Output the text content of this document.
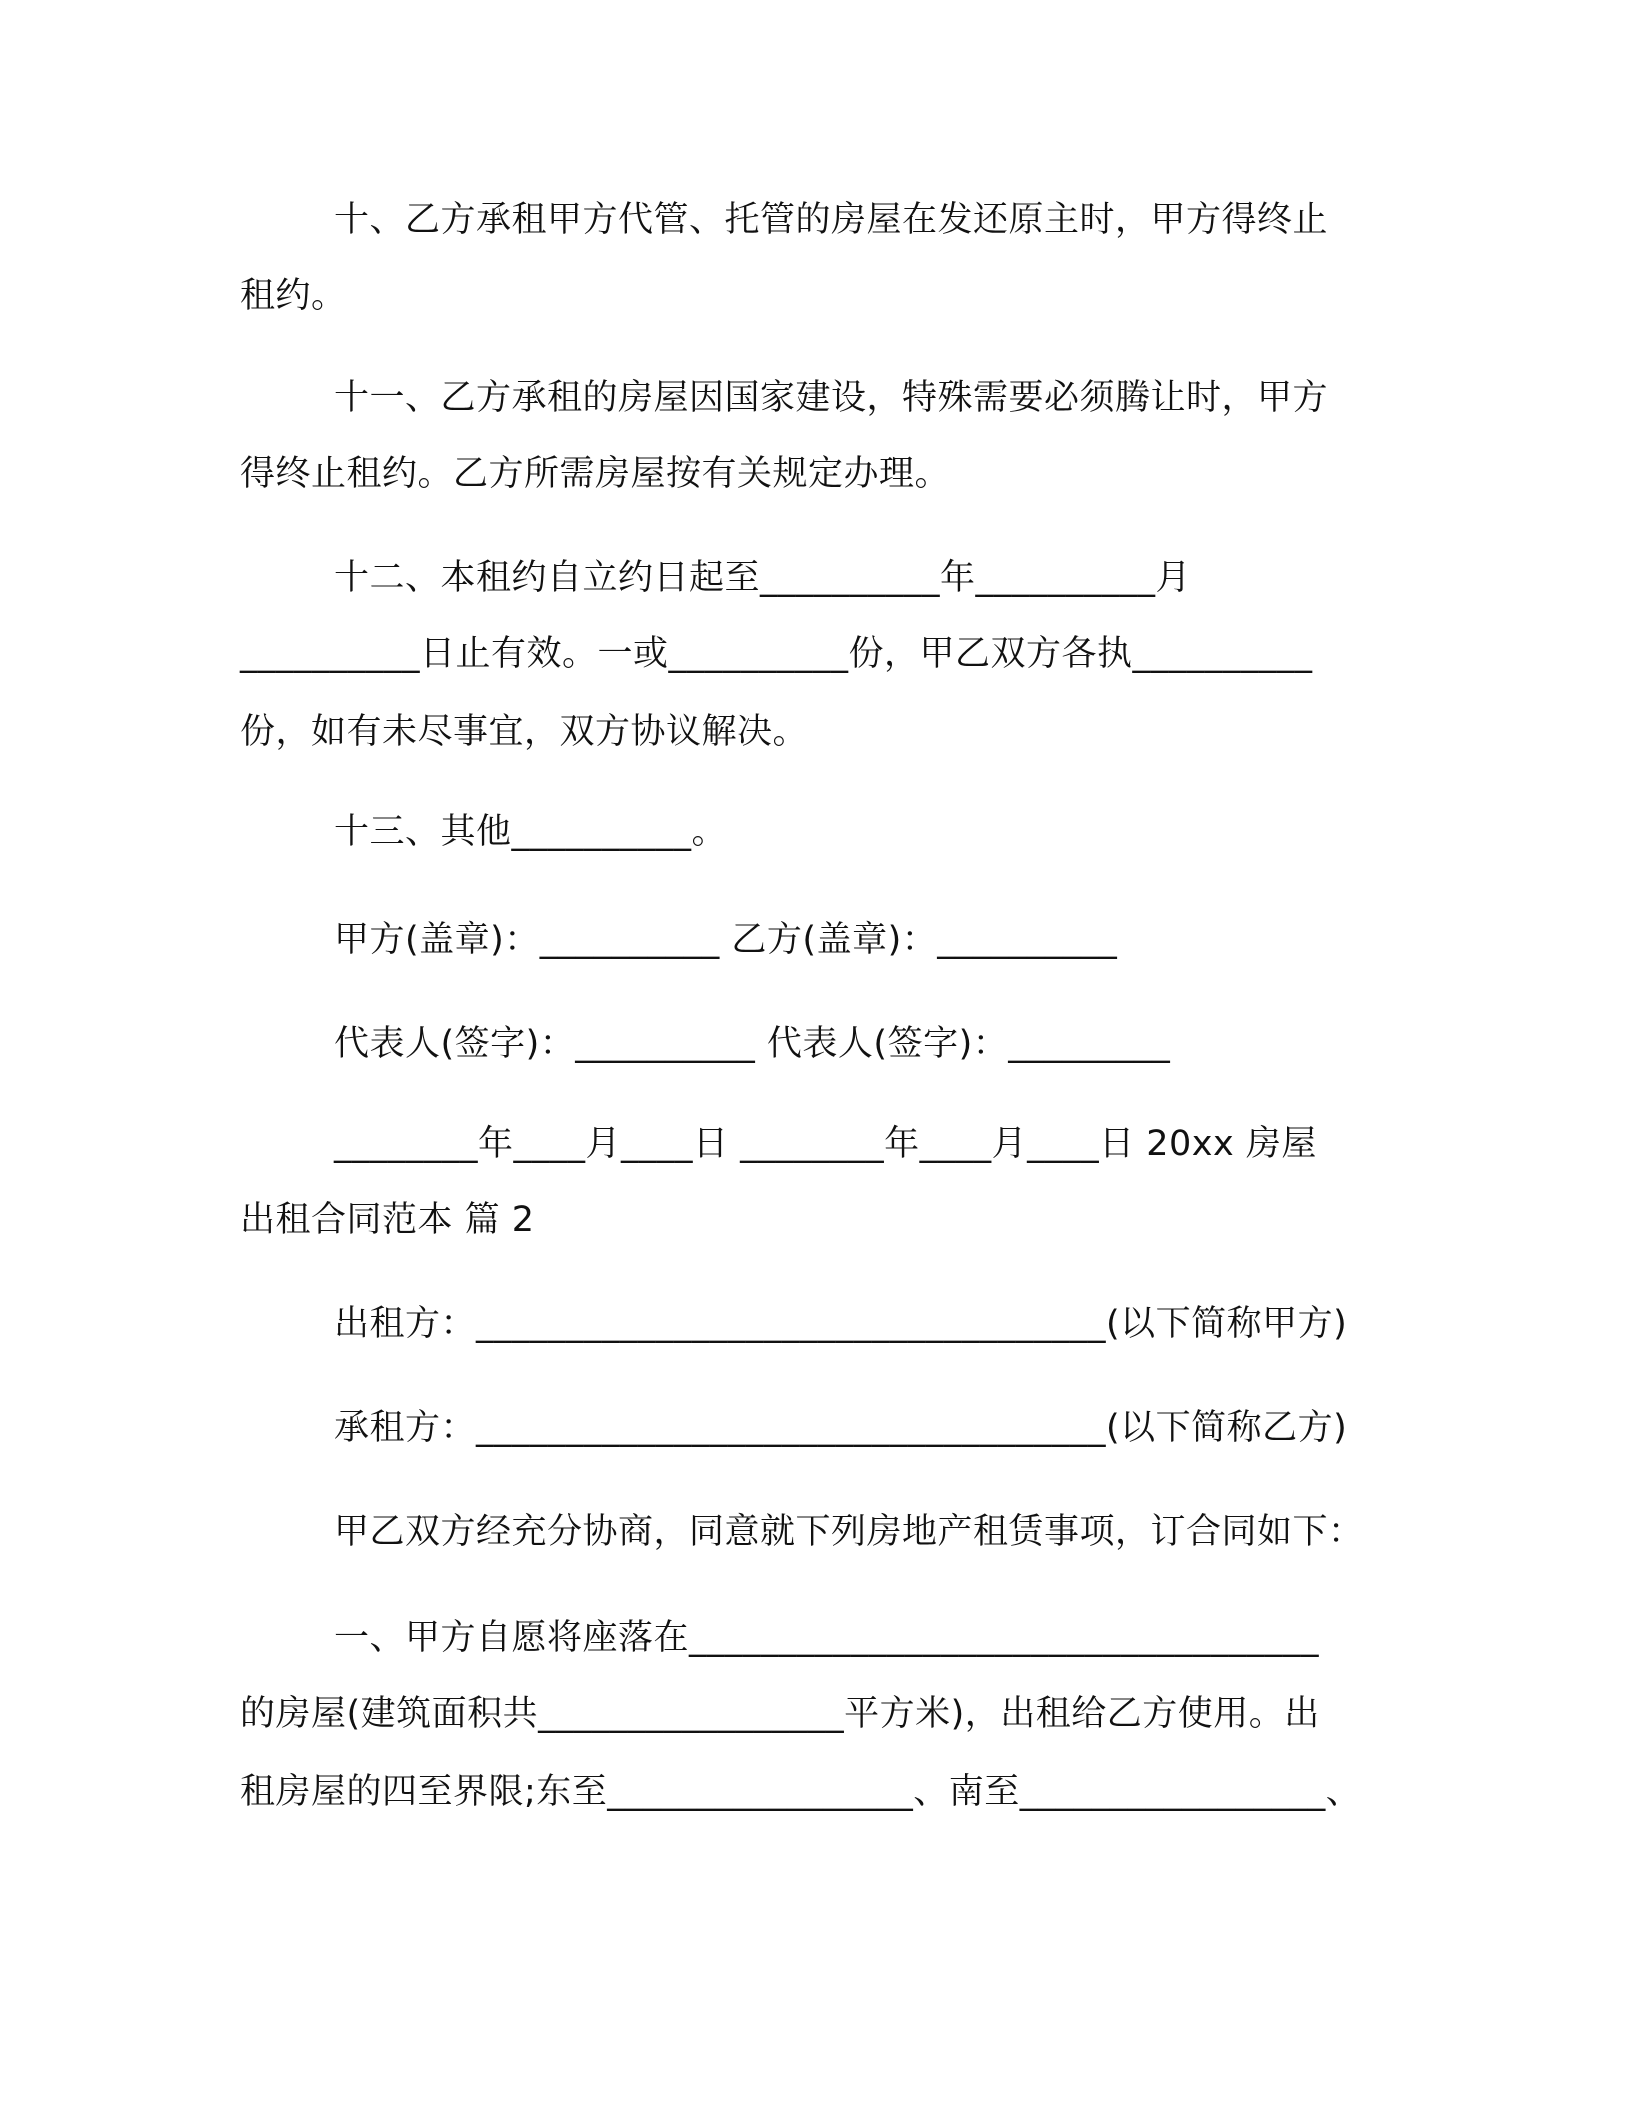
十、乙方承租甲方代管、托管的房屋在发还原主时，甲方得终止
租约。
十一、乙方承租的房屋因国家建设，特殊需要必须腾让时，甲方
得终止租约。乙方所需房屋按有关规定办理。
十二、本租约自立约日起至__________年__________月
__________日止有效。一或__________份，甲乙双方各执__________
份，如有未尽事宜，双方协议解决。
十三、其他__________。
甲方(盖章)：__________ 乙方(盖章)：__________
代表人(签字)：__________ 代表人(签字)：_________
________年____月____日 ________年____月____日 20xx 房屋
出租合同范本 篇 2
出租方：___________________________________(以下简称甲方)
承租方：___________________________________(以下简称乙方)
甲乙双方经充分协商，同意就下列房地产租赁事项，订合同如下：
一、甲方自愿将座落在___________________________________
的房屋(建筑面积共_________________平方米)，出租给乙方使用。出
租房屋的四至界限;东至_________________、南至_________________、
